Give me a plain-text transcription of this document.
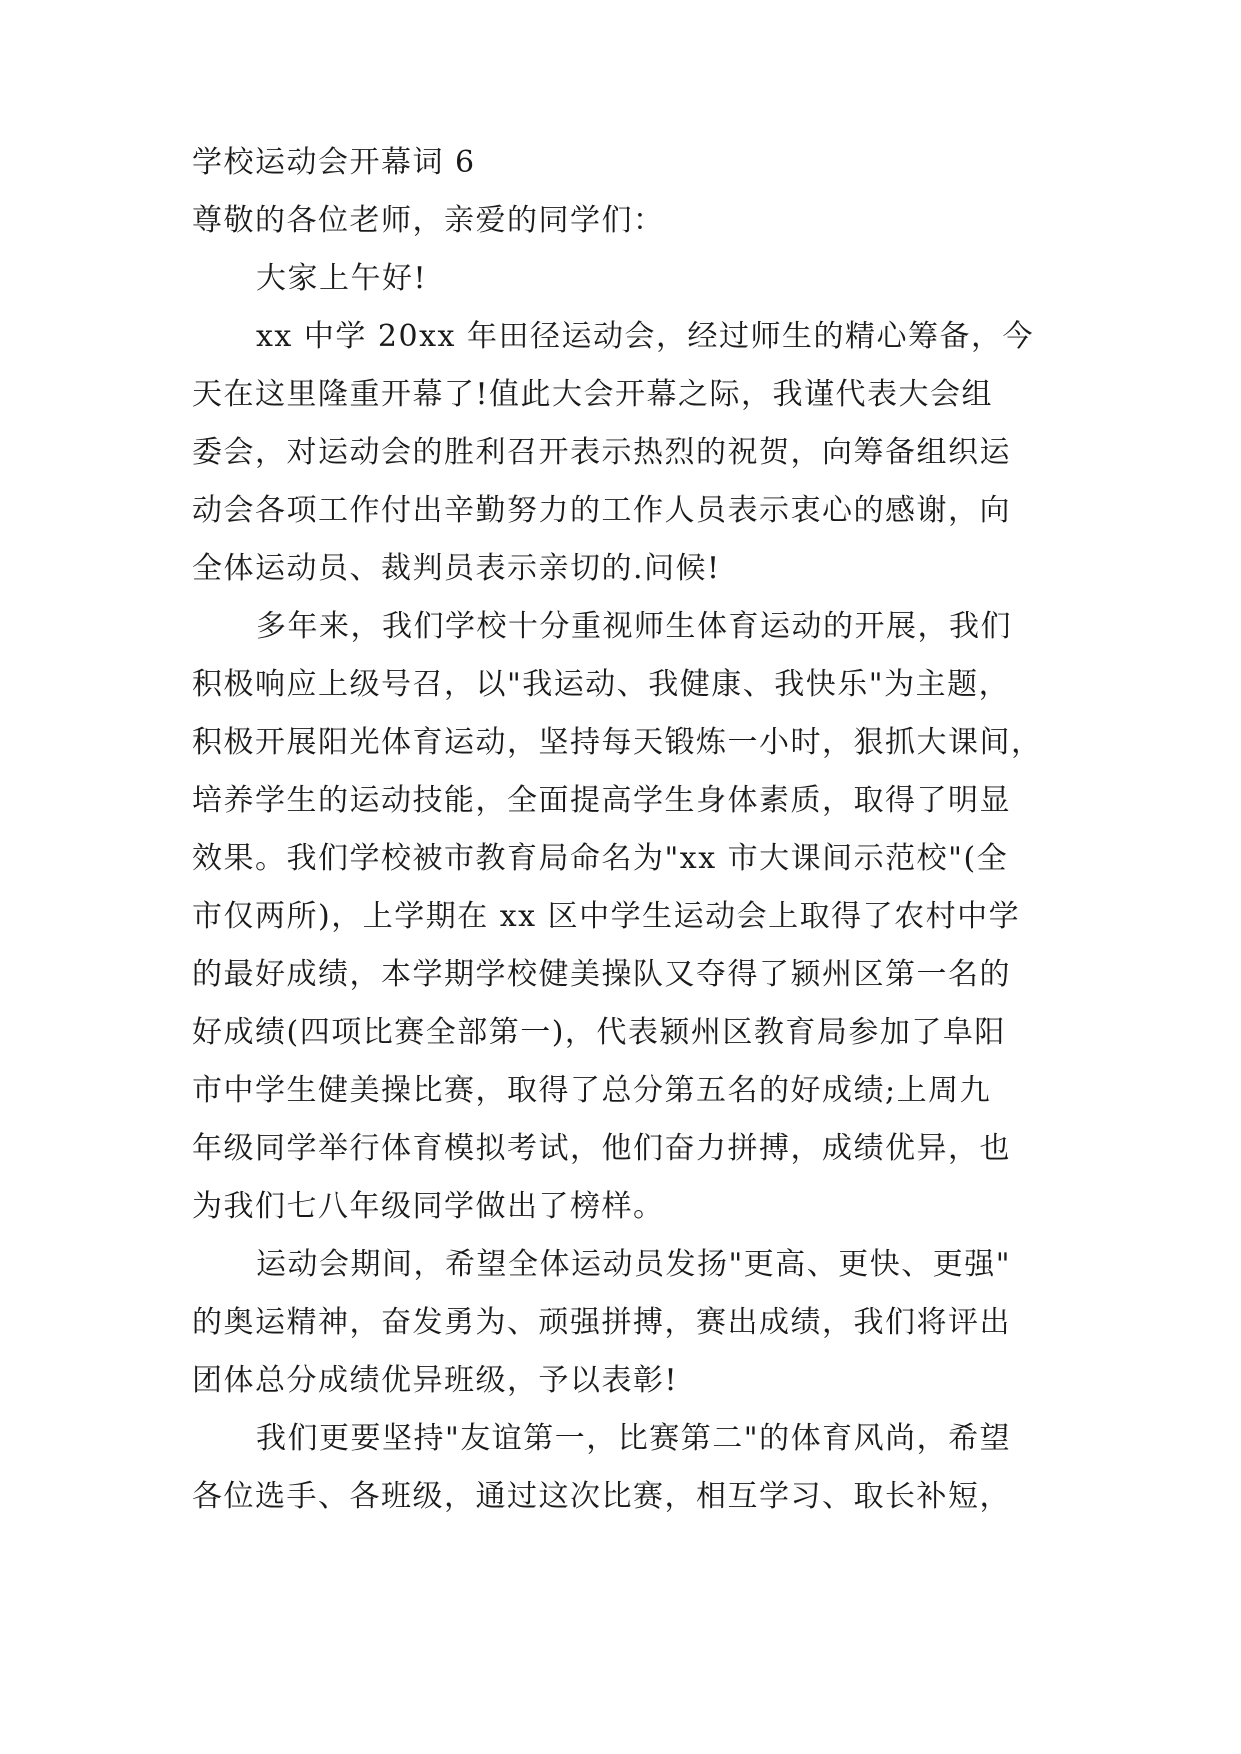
学校运动会开幕词 6
尊敬的各位老师，亲爱的同学们：
大家上午好!
xx 中学 20xx 年田径运动会，经过师生的精心筹备，今
天在这里隆重开幕了!值此大会开幕之际，我谨代表大会组
委会，对运动会的胜利召开表示热烈的祝贺，向筹备组织运
动会各项工作付出辛勤努力的工作人员表示衷心的感谢，向
全体运动员、裁判员表示亲切的.问候!
多年来，我们学校十分重视师生体育运动的开展，我们
积极响应上级号召，以"我运动、我健康、我快乐"为主题，
积极开展阳光体育运动，坚持每天锻炼一小时，狠抓大课间，
培养学生的运动技能，全面提高学生身体素质，取得了明显
效果。我们学校被市教育局命名为"xx 市大课间示范校"(全
市仅两所)，上学期在 xx 区中学生运动会上取得了农村中学
的最好成绩，本学期学校健美操队又夺得了颍州区第一名的
好成绩(四项比赛全部第一)，代表颍州区教育局参加了阜阳
市中学生健美操比赛，取得了总分第五名的好成绩;上周九
年级同学举行体育模拟考试，他们奋力拼搏，成绩优异，也
为我们七八年级同学做出了榜样。
运动会期间，希望全体运动员发扬"更高、更快、更强"
的奥运精神，奋发勇为、顽强拼搏，赛出成绩，我们将评出
团体总分成绩优异班级，予以表彰!
我们更要坚持"友谊第一，比赛第二"的体育风尚，希望
各位选手、各班级，通过这次比赛，相互学习、取长补短，
